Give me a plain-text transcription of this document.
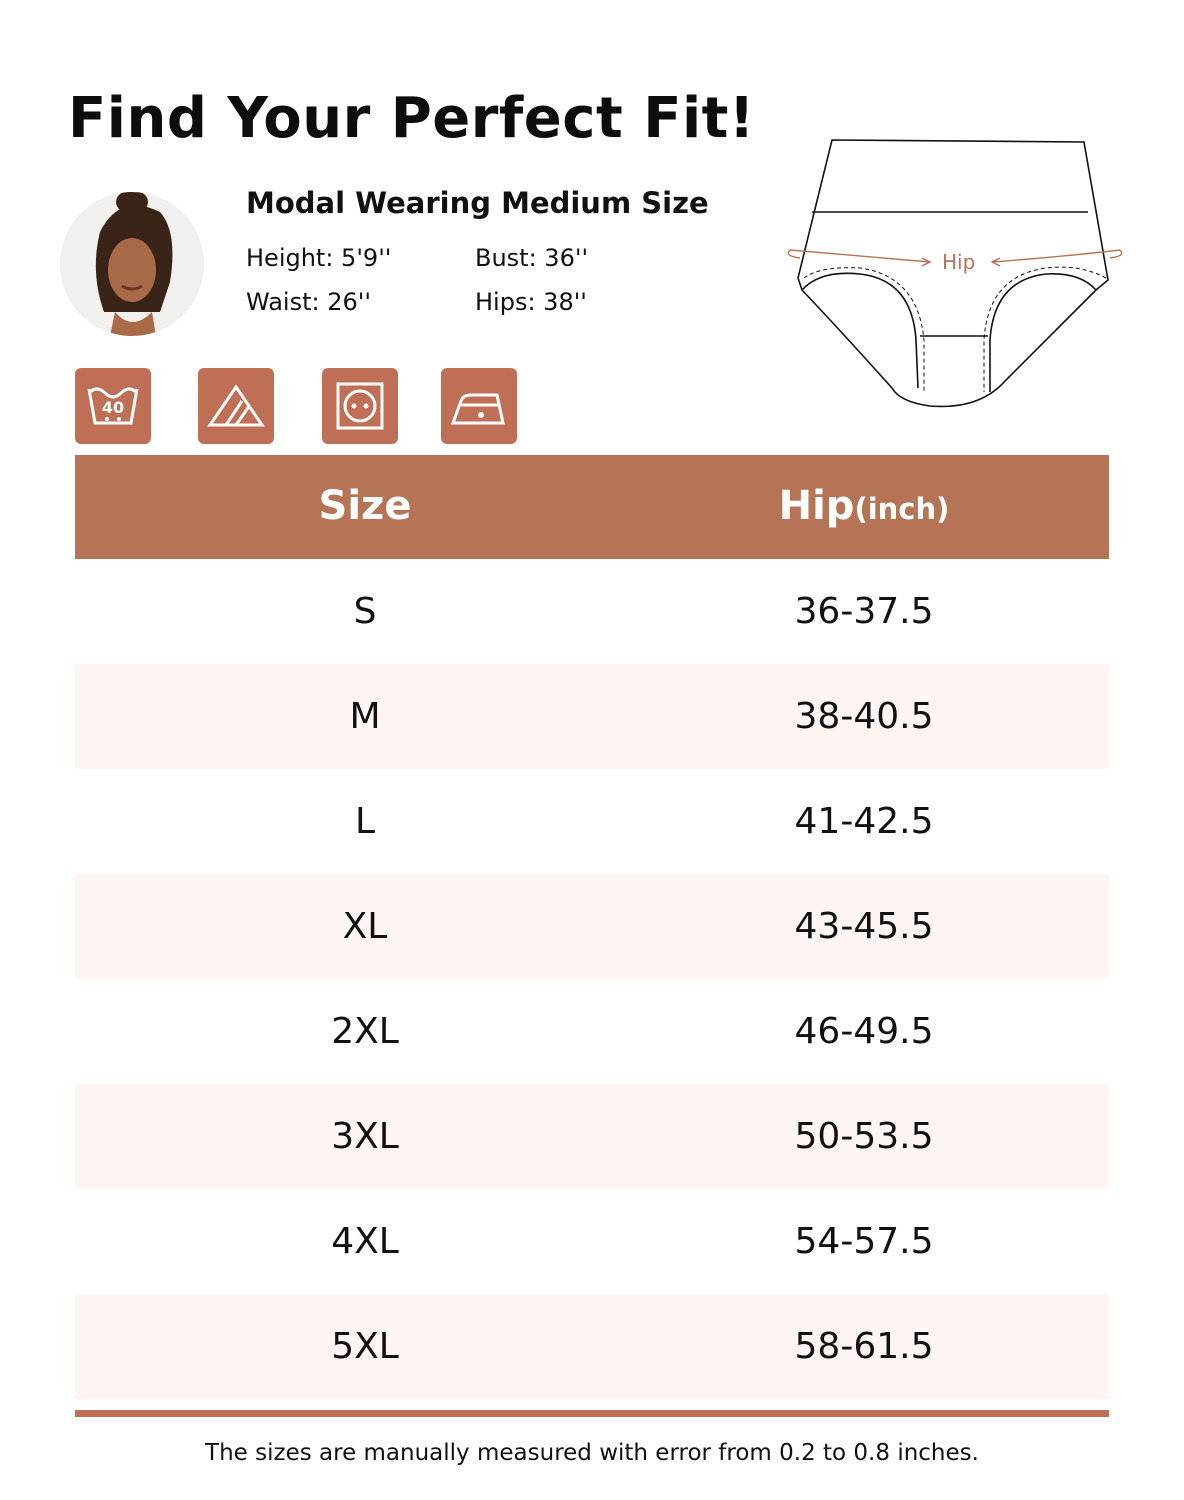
Find Your Perfect Fit!
Modal Wearing Medium Size
Height: 5'9''	Bust: 36''
Waist: 26''	Hips: 38''
40
Hip
Size	Hip(inch)
S	36-37.5
M	38-40.5
L	41-42.5
XL	43-45.5
2XL	46-49.5
3XL	50-53.5
4XL	54-57.5
5XL	58-61.5
The sizes are manually measured with error from 0.2 to 0.8 inches.
